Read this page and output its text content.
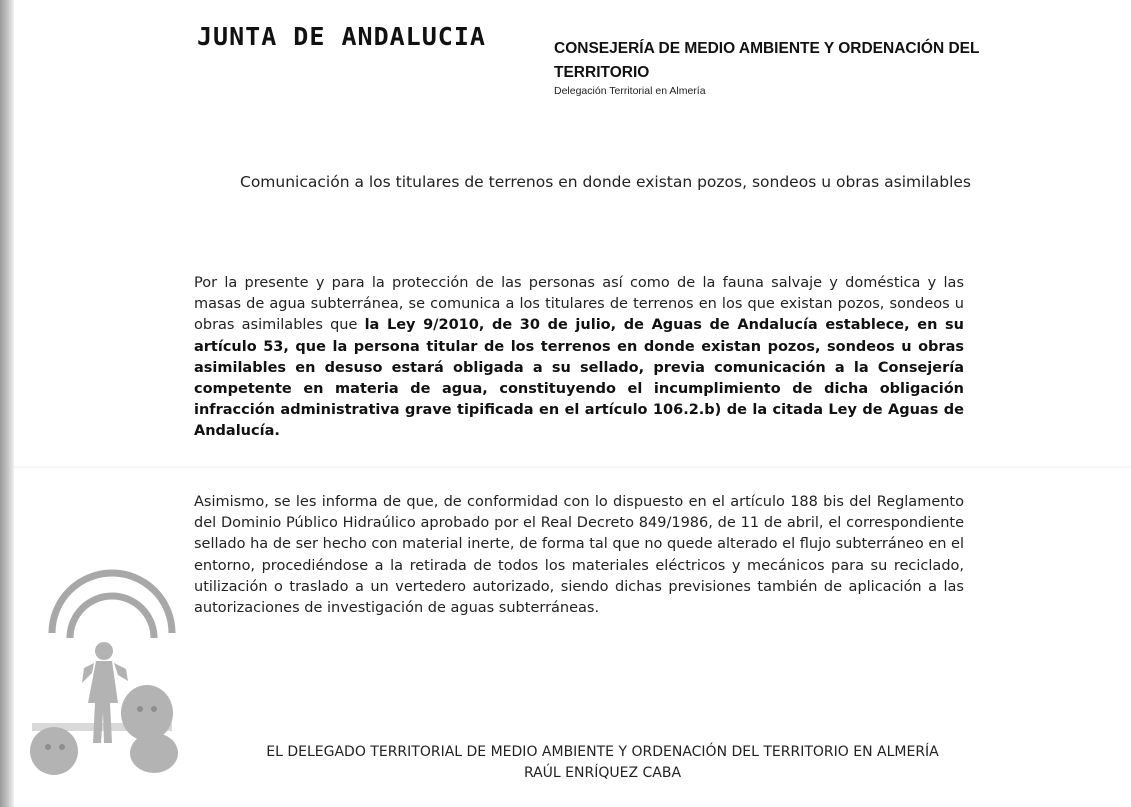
JUNTA DE ANDALUCIA	CONSEJERÍA DE MEDIO AMBIENTE Y ORDENACIÓN DEL TERRITORIO
Delegación Territorial en Almería
Comunicación a los titulares de terrenos en donde existan pozos, sondeos u obras asimilables
Por la presente y para la protección de las personas así como de la fauna salvaje y doméstica y las masas de agua subterránea, se comunica a los titulares de terrenos en los que existan pozos, sondeos u obras asimilables que la Ley 9/2010, de 30 de julio, de Aguas de Andalucía establece, en su artículo 53, que la persona titular de los terrenos en donde existan pozos, sondeos u obras asimilables en desuso estará obligada a su sellado, previa comunicación a la Consejería competente en materia de agua, constituyendo el incumplimiento de dicha obligación infracción administrativa grave tipificada en el artículo 106.2.b) de la citada Ley de Aguas de Andalucía.
Asimismo, se les informa de que, de conformidad con lo dispuesto en el artículo 188 bis del Reglamento del Dominio Público Hidraúlico aprobado por el Real Decreto 849/1986, de 11 de abril, el correspondiente sellado ha de ser hecho con material inerte, de forma tal que no quede alterado el flujo subterráneo en el entorno, procediéndose a la retirada de todos los materiales eléctricos y mecánicos para su reciclado, utilización o traslado a un vertedero autorizado, siendo dichas previsiones también de aplicación a las autorizaciones de investigación de aguas subterráneas.
EL DELEGADO TERRITORIAL DE MEDIO AMBIENTE Y ORDENACIÓN DEL TERRITORIO EN ALMERÍA
RAÚL ENRÍQUEZ CABA
